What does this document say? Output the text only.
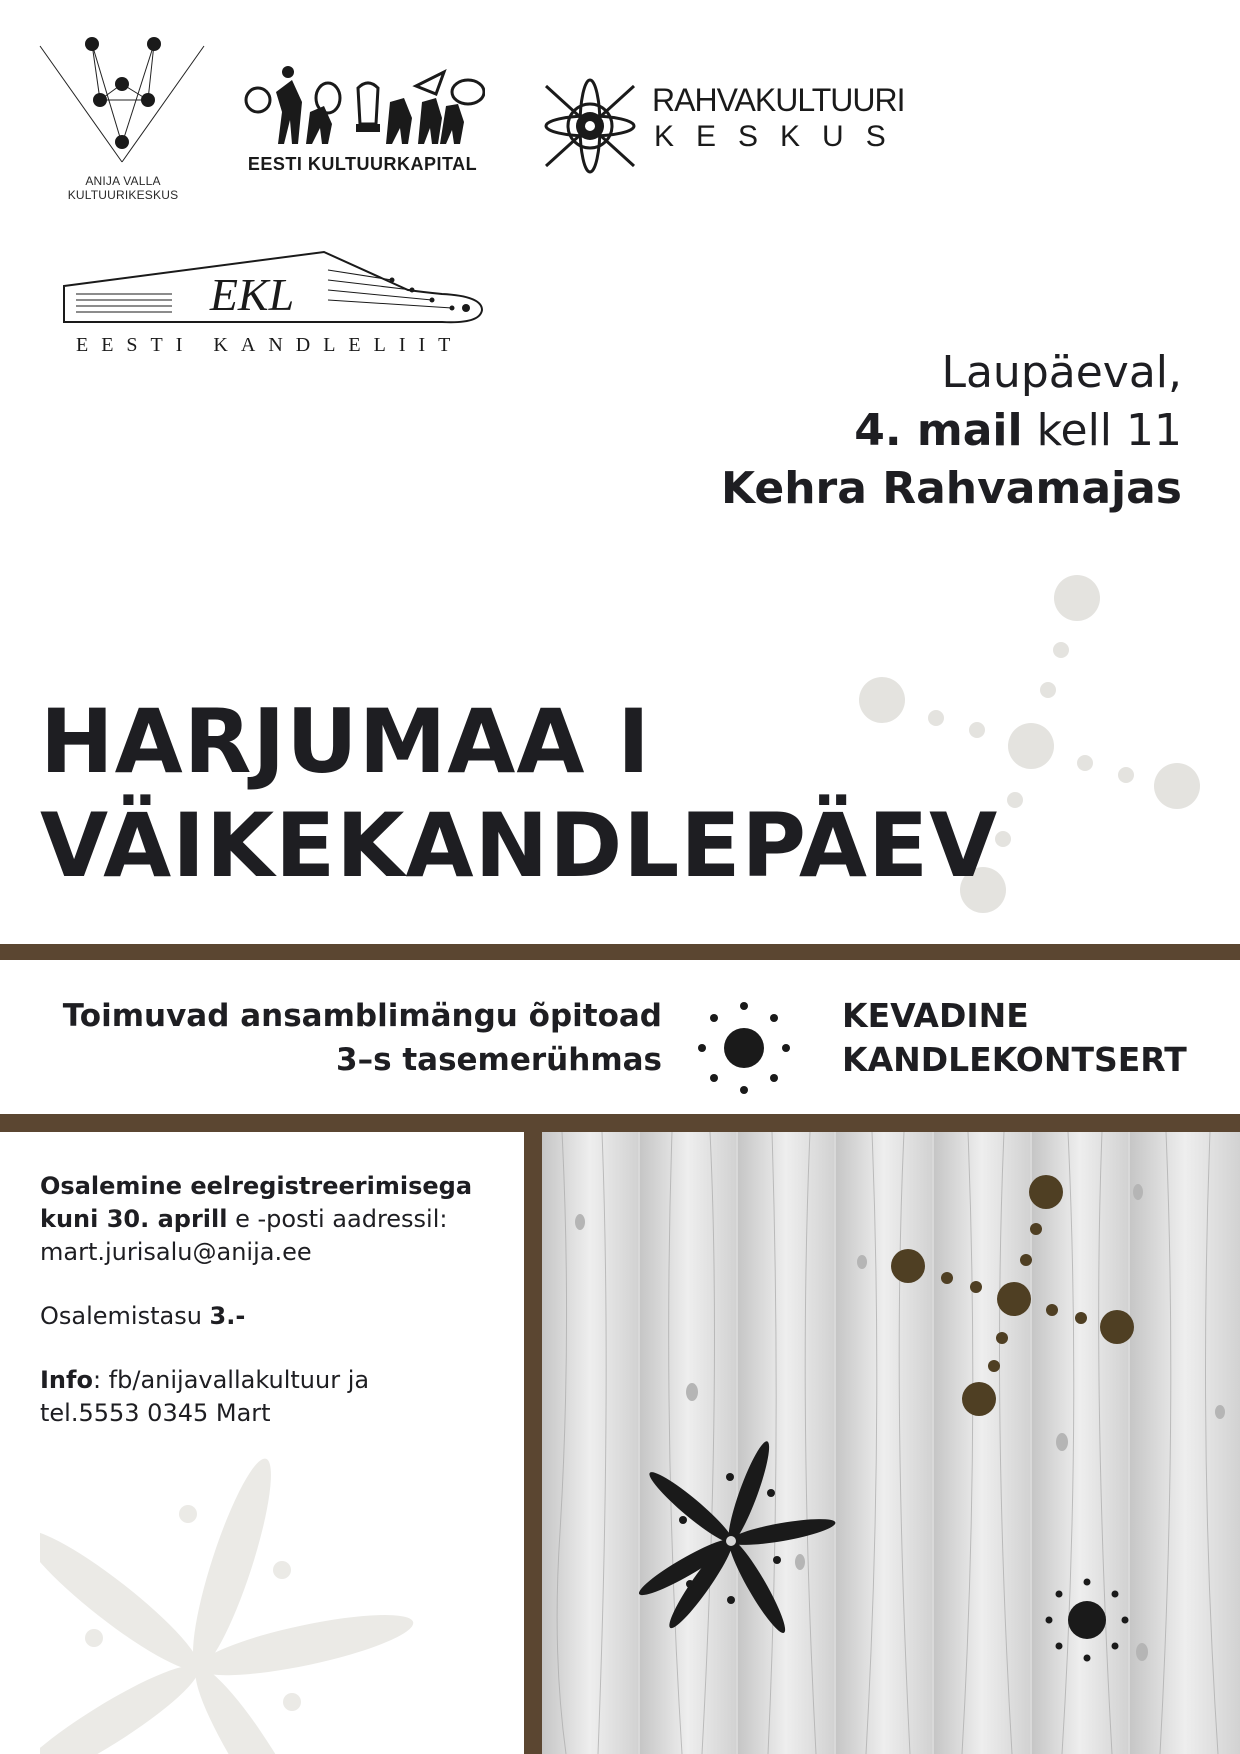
ANIJA VALLA
KULTUURIKESKUS
EESTI KULTUURKAPITAL
RAHVAKULTUURI
KESKUS
EKL
EESTI KANDLELIIT
Laupäeval,
4. mail kell 11
Kehra Rahvamajas
HARJUMAA I
VÄIKEKANDLEPÄEV
Toimuvad ansamblimängu õpitoad
3–s tasemerühmas
KEVADINE
KANDLEKONTSERT

Osalemine eelregistreerimisega
kuni 30. aprill e -posti aadressil:
mart.jurisalu@anija.ee

Osalemistasu 3.-

Info: fb/anijavallakultuur ja
tel.5553 0345 Mart
